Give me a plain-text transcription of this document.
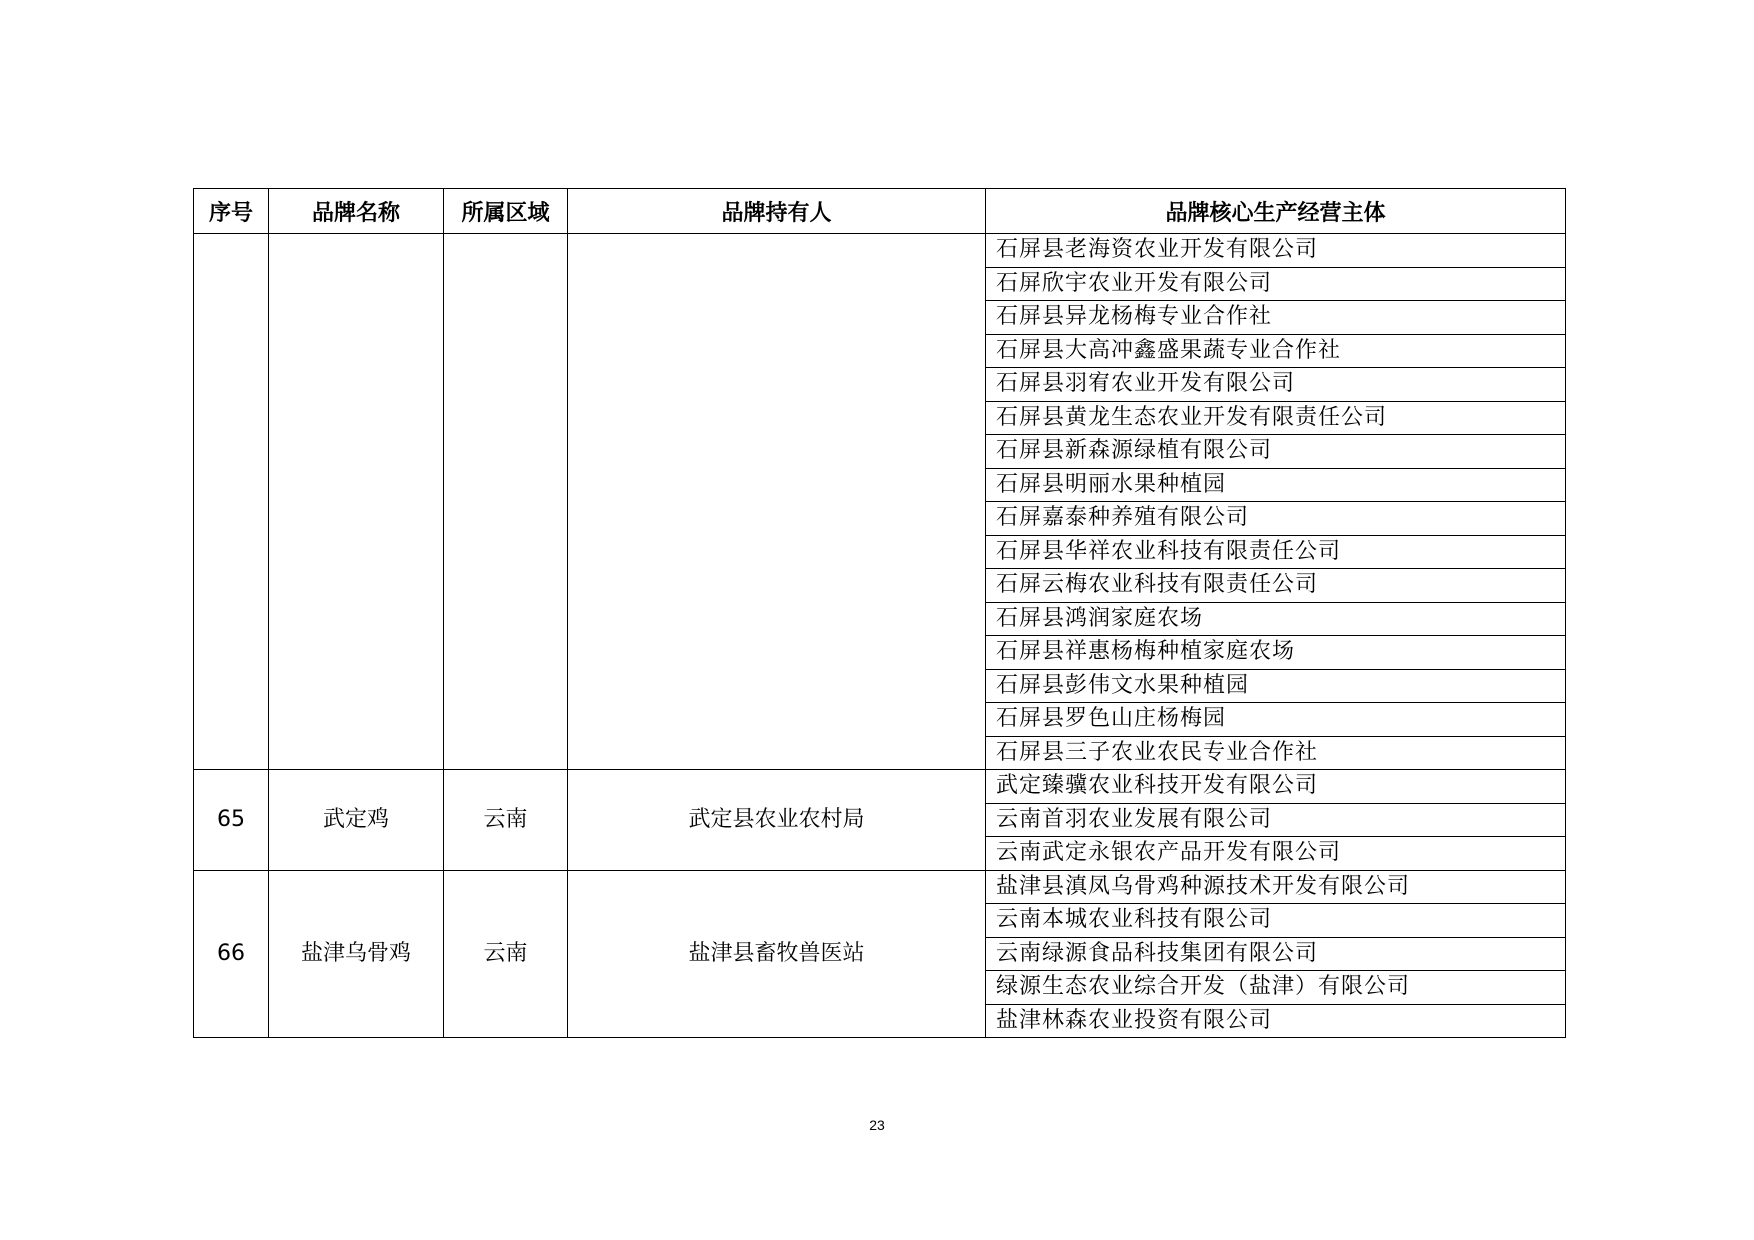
序号	品牌名称	所属区域	品牌持有人	品牌核心生产经营主体
				石屏县老海资农业开发有限公司
				石屏欣宇农业开发有限公司
				石屏县异龙杨梅专业合作社
				石屏县大高冲鑫盛果蔬专业合作社
				石屏县羽宥农业开发有限公司
				石屏县黄龙生态农业开发有限责任公司
				石屏县新森源绿植有限公司
				石屏县明丽水果种植园
				石屏嘉泰种养殖有限公司
				石屏县华祥农业科技有限责任公司
				石屏云梅农业科技有限责任公司
				石屏县鸿润家庭农场
				石屏县祥惠杨梅种植家庭农场
				石屏县彭伟文水果种植园
				石屏县罗色山庄杨梅园
				石屏县三子农业农民专业合作社
65	武定鸡	云南	武定县农业农村局	武定臻骥农业科技开发有限公司
				云南首羽农业发展有限公司
				云南武定永银农产品开发有限公司
66	盐津乌骨鸡	云南	盐津县畜牧兽医站	盐津县滇凤乌骨鸡种源技术开发有限公司
				云南本城农业科技有限公司
				云南绿源食品科技集团有限公司
				绿源生态农业综合开发（盐津）有限公司
				盐津林森农业投资有限公司
23
